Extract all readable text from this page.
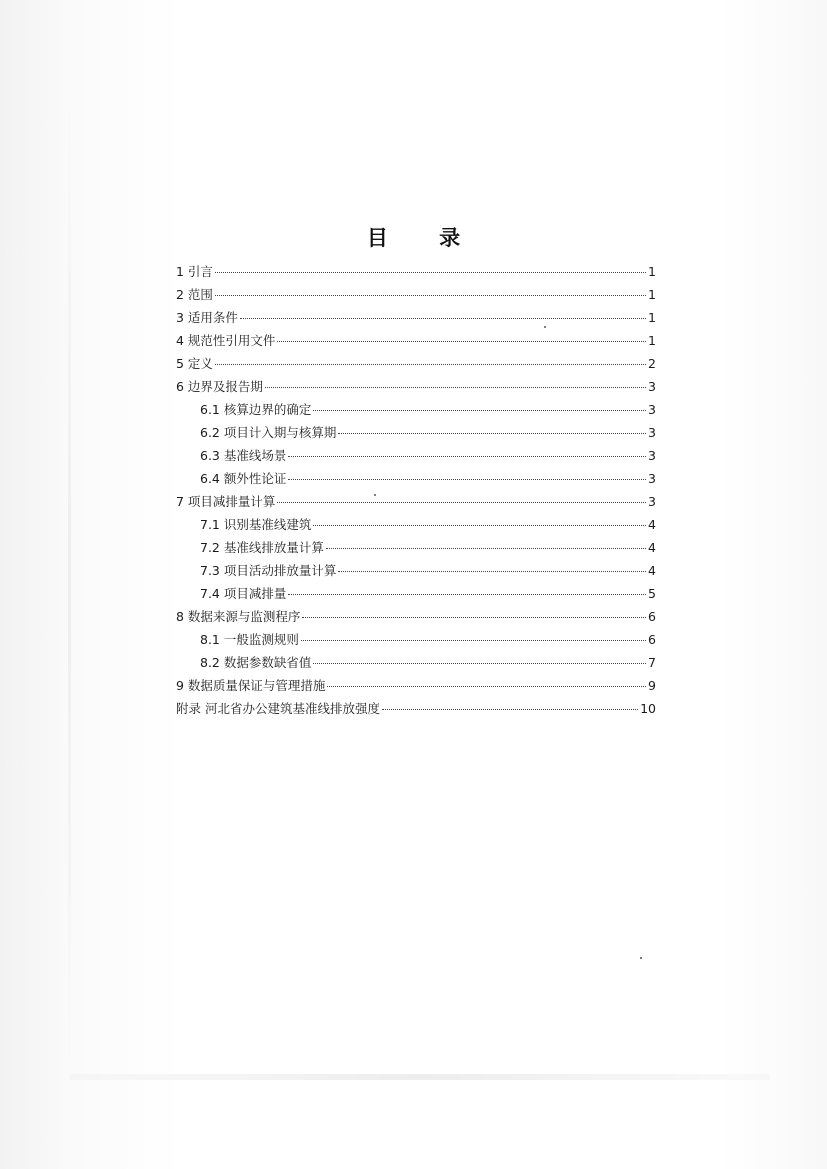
目 录
1 引言	1
2 范围	1
3 适用条件	1
4 规范性引用文件	1
5 定义	2
6 边界及报告期	3
6.1 核算边界的确定	3
6.2 项目计入期与核算期	3
6.3 基准线场景	3
6.4 额外性论证	3
7 项目减排量计算	3
7.1 识别基准线建筑	4
7.2 基准线排放量计算	4
7.3 项目活动排放量计算	4
7.4 项目减排量	5
8 数据来源与监测程序	6
8.1 一般监测规则	6
8.2 数据参数缺省值	7
9 数据质量保证与管理措施	9
附录 河北省办公建筑基准线排放强度	10
